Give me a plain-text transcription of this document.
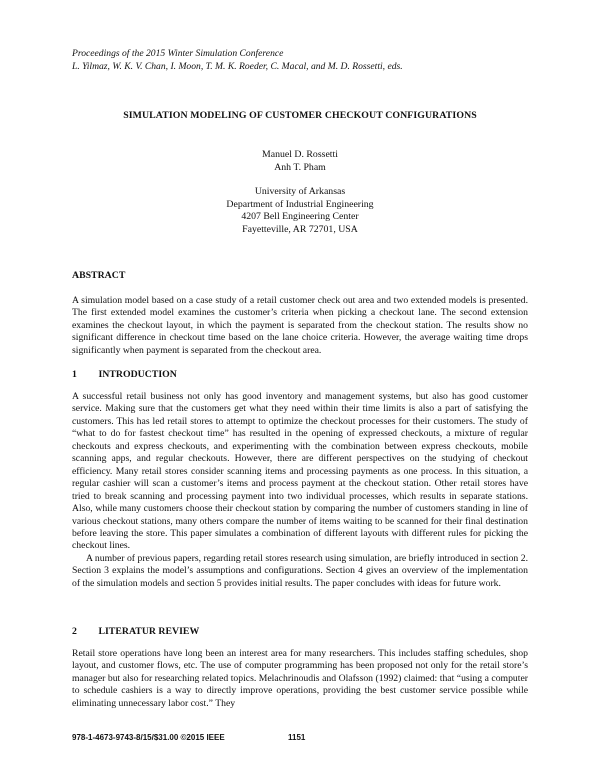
Proceedings of the 2015 Winter Simulation Conference
L. Yilmaz, W. K. V. Chan, I. Moon, T. M. K. Roeder, C. Macal, and M. D. Rossetti, eds.
SIMULATION MODELING OF CUSTOMER CHECKOUT CONFIGURATIONS
Manuel D. Rossetti
Anh T. Pham
University of Arkansas
Department of Industrial Engineering
4207 Bell Engineering Center
Fayetteville, AR 72701, USA
ABSTRACT

A simulation model based on a case study of a retail customer check out area and two extended models is presented. The first extended model examines the customer’s criteria when picking a checkout lane. The second extension examines the checkout layout, in which the payment is separated from the checkout station. The results show no significant difference in checkout time based on the lane choice criteria. However, the average waiting time drops significantly when payment is separated from the checkout area.

1 INTRODUCTION

A successful retail business not only has good inventory and management systems, but also has good customer service. Making sure that the customers get what they need within their time limits is also a part of satisfying the customers. This has led retail stores to attempt to optimize the checkout processes for their customers. The study of “what to do for fastest checkout time” has resulted in the opening of expressed checkouts, a mixture of regular checkouts and express checkouts, and experimenting with the combination between express checkouts, mobile scanning apps, and regular checkouts. However, there are different perspectives on the studying of checkout efficiency. Many retail stores consider scanning items and processing payments as one process. In this situation, a regular cashier will scan a customer’s items and process payment at the checkout station. Other retail stores have tried to break scanning and processing payment into two individual processes, which results in separate stations. Also, while many customers choose their checkout station by comparing the number of customers standing in line of various checkout stations, many others compare the number of items waiting to be scanned for their final destination before leaving the store. This paper simulates a combination of different layouts with different rules for picking the checkout lines.

A number of previous papers, regarding retail stores research using simulation, are briefly introduced in section 2. Section 3 explains the model’s assumptions and configurations. Section 4 gives an overview of the implementation of the simulation models and section 5 provides initial results. The paper concludes with ideas for future work.

2 LITERATUR REVIEW

Retail store operations have long been an interest area for many researchers. This includes staffing schedules, shop layout, and customer flows, etc. The use of computer programming has been proposed not only for the retail store’s manager but also for researching related topics. Melachrinoudis and Olafsson (1992) claimed: that “using a computer to schedule cashiers is a way to directly improve operations, providing the best customer service possible while eliminating unnecessary labor cost.” They

978-1-4673-9743-8/15/$31.00 ©2015 IEEE	1151
